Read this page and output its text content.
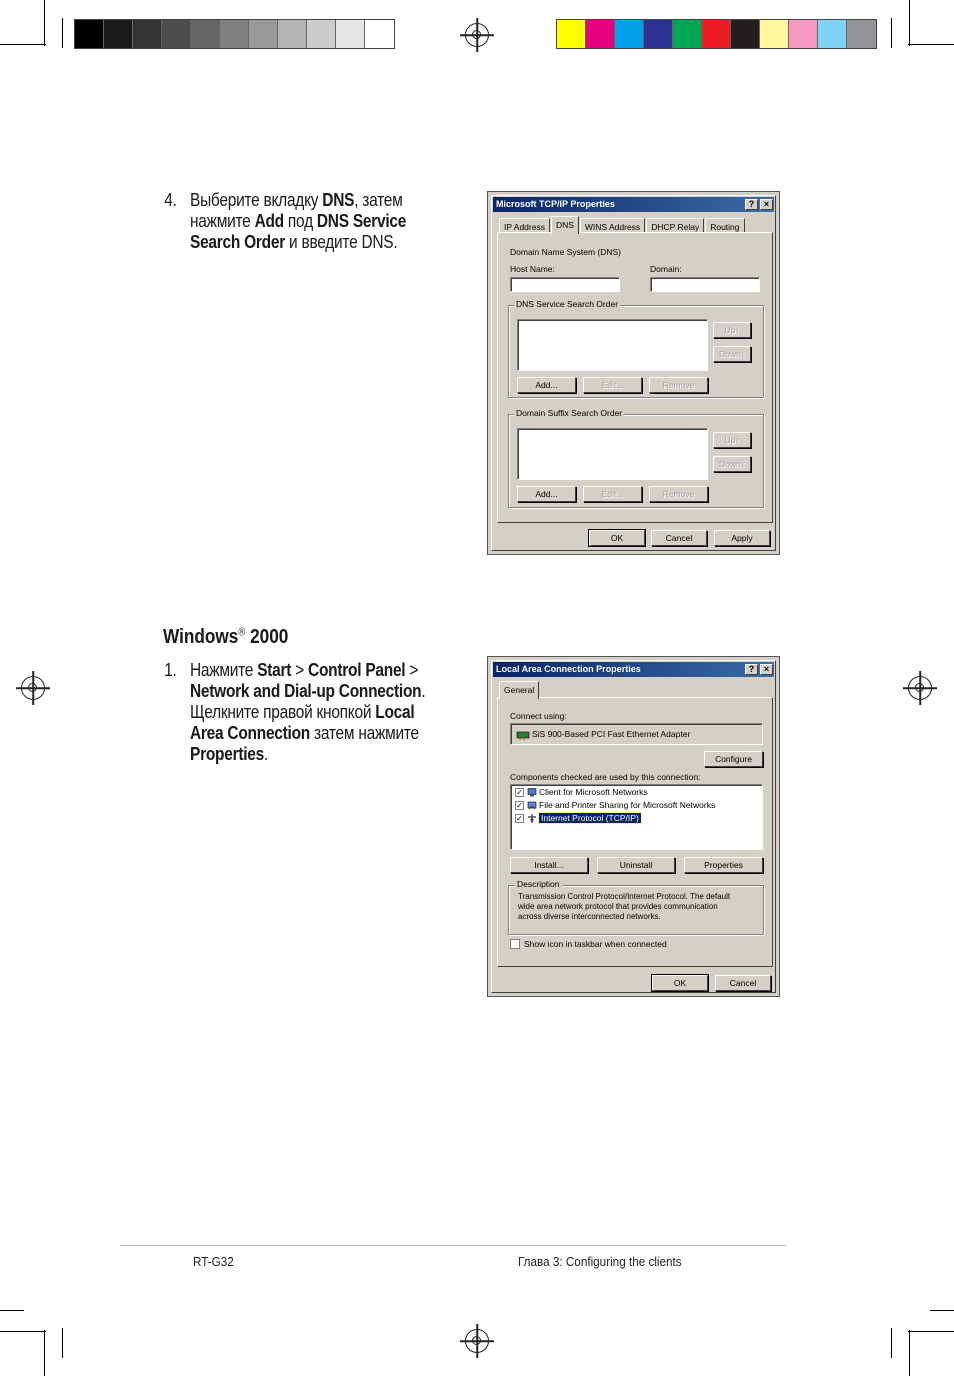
4. Выберите вкладку DNS, затем
нажмите Add под DNS Service
Search Order и введите DNS.
Microsoft TCP/IP Properties	?	×
IP Address	DNS	WINS Address	DHCP Relay	Routing
Domain Name System (DNS)
Host Name:	Domain:
DNS Service Search Order
Up↑
Down↓
Add...	Edit...	Remove
Domain Suffix Search Order
Up↑
Down↓
Add...	Edit...	Remove
OK	Cancel	Apply
Windows® 2000
1. Нажмите Start > Control Panel >
Network and Dial-up Connection.
Щелкните правой кнопкой Local
Area Connection затем нажмите
Properties.
Local Area Connection Properties	?	×
General
Connect using:
SiS 900-Based PCI Fast Ethernet Adapter
Configure
Components checked are used by this connection:
✓	Client for Microsoft Networks
✓	File and Printer Sharing for Microsoft Networks
✓	Internet Protocol (TCP/IP)
Install...	Uninstall	Properties
Description
Transmission Control Protocol/Internet Protocol. The default
wide area network protocol that provides communication
across diverse interconnected networks.
Show icon in taskbar when connected
OK	Cancel
RT-G32	Глава 3: Configuring the clients
